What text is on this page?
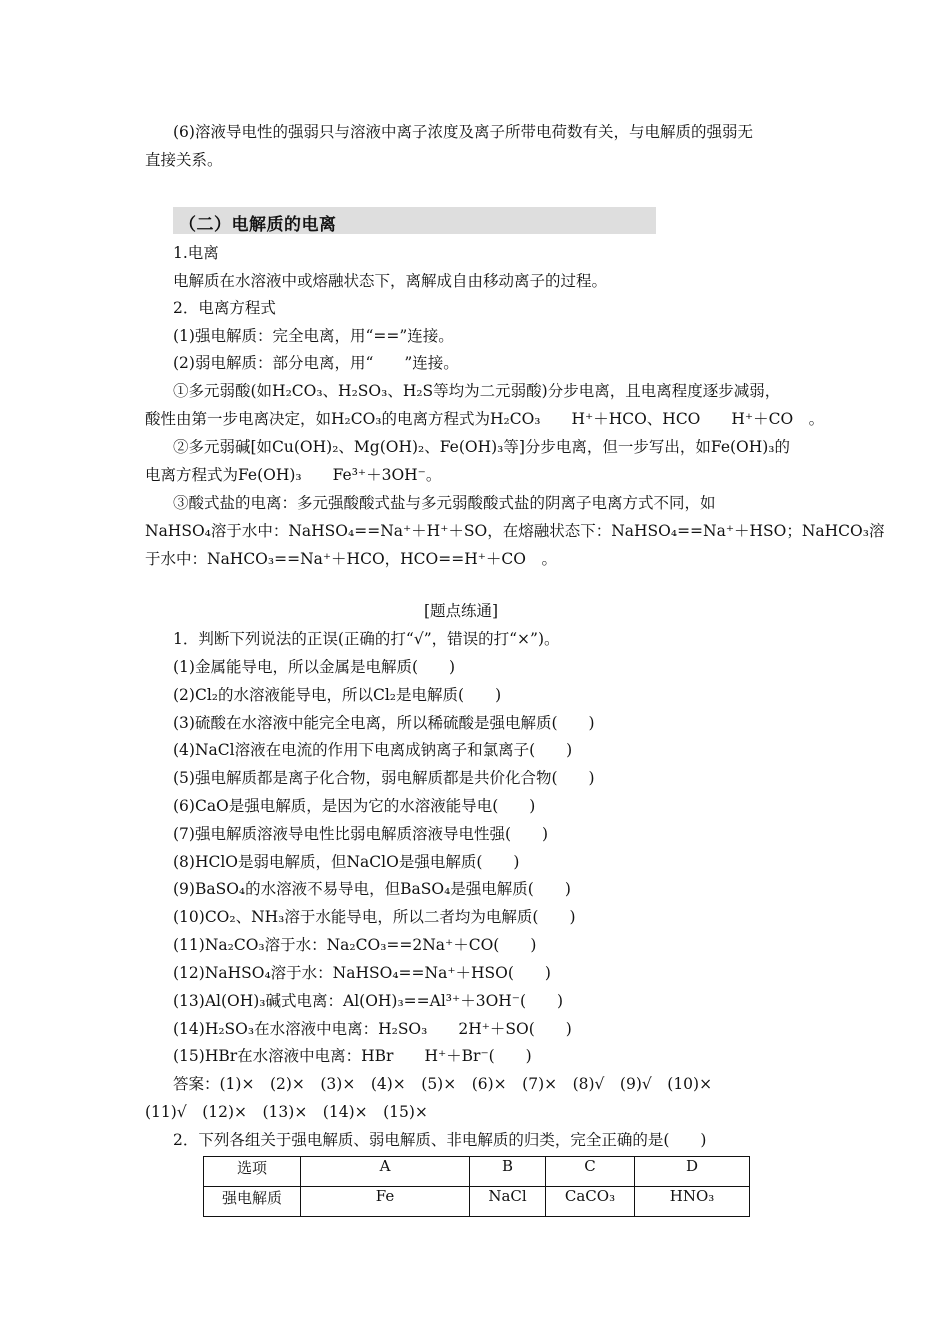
(6)溶液导电性的强弱只与溶液中离子浓度及离子所带电荷数有关，与电解质的强弱无
直接关系。
（二）电解质的电离
1.电离
电解质在水溶液中或熔融状态下，离解成自由移动离子的过程。
2．电离方程式
(1)强电解质：完全电离，用“==”连接。
(2)弱电解质：部分电离，用“　　”连接。
①多元弱酸(如H₂CO₃、H₂SO₃、H₂S等均为二元弱酸)分步电离，且电离程度逐步减弱，
酸性由第一步电离决定，如H₂CO₃的电离方程式为H₂CO₃　　H⁺＋HCO、HCO　　H⁺＋CO　。
②多元弱碱[如Cu(OH)₂、Mg(OH)₂、Fe(OH)₃等]分步电离，但一步写出，如Fe(OH)₃的
电离方程式为Fe(OH)₃　　Fe³⁺＋3OH⁻。
③酸式盐的电离：多元强酸酸式盐与多元弱酸酸式盐的阴离子电离方式不同，如
NaHSO₄溶于水中：NaHSO₄==Na⁺＋H⁺＋SO，在熔融状态下：NaHSO₄==Na⁺＋HSO；NaHCO₃溶
于水中：NaHCO₃==Na⁺＋HCO，HCO==H⁺＋CO　。
[题点练通]
1．判断下列说法的正误(正确的打“√”，错误的打“×”)。
(1)金属能导电，所以金属是电解质(　　)
(2)Cl₂的水溶液能导电，所以Cl₂是电解质(　　)
(3)硫酸在水溶液中能完全电离，所以稀硫酸是强电解质(　　)
(4)NaCl溶液在电流的作用下电离成钠离子和氯离子(　　)
(5)强电解质都是离子化合物，弱电解质都是共价化合物(　　)
(6)CaO是强电解质，是因为它的水溶液能导电(　　)
(7)强电解质溶液导电性比弱电解质溶液导电性强(　　)
(8)HClO是弱电解质，但NaClO是强电解质(　　)
(9)BaSO₄的水溶液不易导电，但BaSO₄是强电解质(　　)
(10)CO₂、NH₃溶于水能导电，所以二者均为电解质(　　)
(11)Na₂CO₃溶于水：Na₂CO₃==2Na⁺＋CO(　　)
(12)NaHSO₄溶于水：NaHSO₄==Na⁺＋HSO(　　)
(13)Al(OH)₃碱式电离：Al(OH)₃==Al³⁺＋3OH⁻(　　)
(14)H₂SO₃在水溶液中电离：H₂SO₃　　2H⁺＋SO(　　)
(15)HBr在水溶液中电离：HBr　　H⁺＋Br⁻(　　)
答案：(1)×　(2)×　(3)×　(4)×　(5)×　(6)×　(7)×　(8)√　(9)√　(10)×
(11)√　(12)×　(13)×　(14)×　(15)×
2．下列各组关于强电解质、弱电解质、非电解质的归类，完全正确的是(　　)
选项	A	B	C	D
强电解质	Fe	NaCl	CaCO₃	HNO₃
